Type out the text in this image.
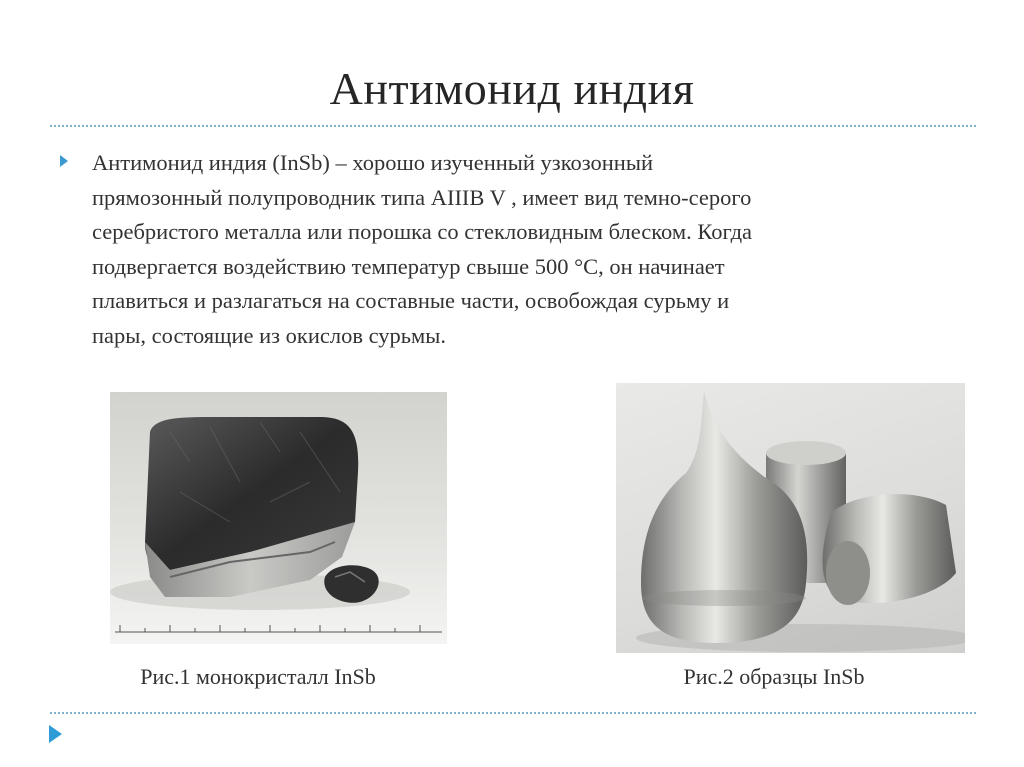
Антимонид индия
Антимонид индия (InSb) – хорошо изученный узкозонный
прямозонный полупроводник типа AIIIB V , имеет вид темно-серого
серебристого металла или порошка со стекловидным блеском. Когда
подвергается воздействию температур свыше 500 °C, он начинает
плавиться и разлагаться на составные части, освобождая сурьму и
пары, состоящие из окислов сурьмы.
Рис.1 монокристалл InSb	Рис.2 образцы InSb
